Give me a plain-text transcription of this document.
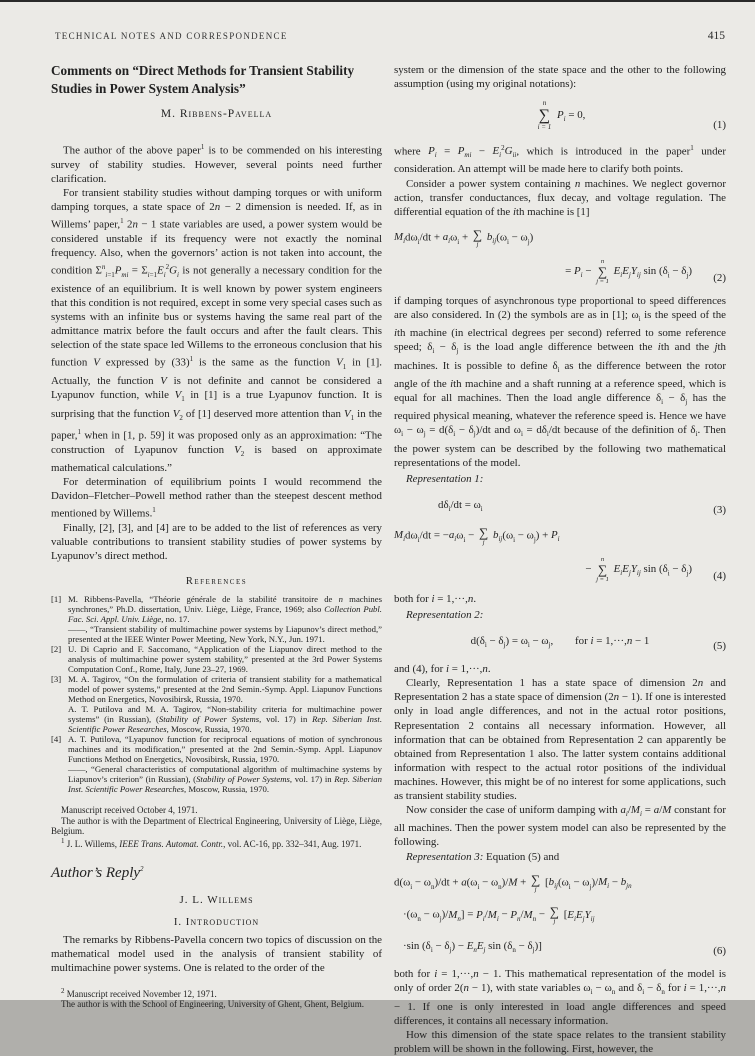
TECHNICAL NOTES AND CORRESPONDENCE	415
Comments on “Direct Methods for Transient Stability Studies in Power System Analysis”
M. Ribbens-Pavella

The author of the above paper$^1$ is to be commended on his interesting survey of stability studies. However, several points need further clarification.

For transient stability studies without damping torques or with uniform damping torques, a state space of 2n − 2 dimension is needed. If, as in Willems’ paper,$^1$ 2n − 1 state variables are used, a power system would be considered unstable if its frequency were not exactly the nominal frequency. Also, when the governors’ action is not taken into account, the condition $\Sigma^n_{i=1}P_{mi} = \Sigma_{i=1}E_i^2G_i$ is not generally a necessary condition for the existence of an equilibrium. It is well known by power system engineers that this condition is not required, except in some very special cases such as systems with an infinite bus or systems having the same real part of the admittance matrix before the fault occurs and after the fault clears. This selection of the state space led Willems to the erroneous conclusion that his function V expressed by $(33)^1$ is the same as the function $V_1$ in [1]. Actually, the function V is not definite and cannot be considered a Lyapunov function, while $V_1$ in [1] is a true Lyapunov function. It is surprising that the function $V_2$ of [1] deserved more attention than $V_1$ in the paper,$^1$ when in [1, p. 59] it was proposed only as an approximation: “The construction of Lyapunov function $V_2$ is based on approximate mathematical calculations.”

For determination of equilibrium points I would recommend the Davidon–Fletcher–Powell method rather than the steepest descent method mentioned by Willems.$^1$

Finally, [2], [3], and [4] are to be added to the list of references as very valuable contributions to transient stability studies of power systems by Lyapunov’s direct method.

References
[1] M. Ribbens-Pavella, “Théorie générale de la stabilité transitoire de n machines synchrones,” Ph.D. dissertation, Univ. Liège, Liège, France, 1969; also Collection Publ. Fac. Sci. Appl. Univ. Liège, no. 17.
——, “Transient stability of multimachine power systems by Liapunov’s direct method,” presented at the IEEE Winter Power Meeting, New York, N.Y., Jun. 1971.
[2] U. Di Caprio and F. Saccomano, “Application of the Liapunov direct method to the analysis of multimachine power system stability,” presented at the 3rd Power Systems Computation Conf., Rome, Italy, June 23–27, 1969.
[3] M. A. Tagirov, “On the formulation of criteria of transient stability for a mathematical model of power systems,” presented at the 2nd Semin.-Symp. Appl. Liapunov Functions Method on Energetics, Novosibirsk, Russia, 1970.
A. T. Putilova and M. A. Tagirov, “Non-stability criteria for multimachine power systems” (in Russian), (Stability of Power Systems, vol. 17) in Rep. Siberian Inst. Scientific Power Researches, Moscow, Russia, 1970.
[4] A. T. Putilova, “Lyapunov function for reciprocal equations of motion of synchronous machines and its modification,” presented at the 2nd Semin.-Symp. Appl. Liapunov Functions Method on Energetics, Novosibirsk, Russia, 1970.
——, “General characteristics of computational algorithm of multimachine systems by Liapunov’s criterion” (in Russian), (Stability of Power Systems, vol. 17) in Rep. Siberian Inst. Scientific Power Researches, Moscow, Russia, 1970.

Manuscript received October 4, 1971.

The author is with the Department of Electrical Engineering, University of Liège, Liège, Belgium.

$^1$ J. L. Willems, IEEE Trans. Automat. Contr., vol. AC-16, pp. 332–341, Aug. 1971.

Author’s Reply$^2$
J. L. Willems
I. Introduction

The remarks by Ribbens-Pavella concern two topics of discussion on the mathematical model used in the analysis of transient stability of multimachine power systems. One is related to the order of the

$^2$ Manuscript received November 12, 1971.

The author is with the School of Engineering, University of Ghent, Ghent, Belgium.

system or the dimension of the state space and the other to the following assumption (using my original notations):

n
∑
i = 1
$P_i = 0$,
(1)

where $P_i = P_{mi} - E_i^2G_{ii}$, which is introduced in the paper$^1$ under consideration. An attempt will be made here to clarify both points.

Consider a power system containing n machines. We neglect governor action, transfer conductances, flux decay, and voltage regulation. The differential equation of the ith machine is [1]

$M_id\omega_i/dt + a_i\omega_i$ + ∑
j
$b_{ij}(\omega_i - \omega_j)$
= $P_i$ −
n
∑
j = 1
$E_iE_jY_{ij}$ $\sin (\delta_i - \delta_j)$
(2)

if damping torques of asynchronous type proportional to speed differences are also considered. In (2) the symbols are as in [1]; $\omega_i$ is the speed of the ith machine (in electrical degrees per second) referred to some reference speed; $\delta_i - \delta_j$ is the load angle difference between the ith and the jth machines. It is possible to define $\delta_i$ as the difference between the rotor angle of the ith machine and a shaft running at a reference speed, which is equal for all machines. Then the load angle difference $\delta_i - \delta_j$ has the required physical meaning, whatever the reference speed is. Hence we have $\omega_i - \omega_j = d(\delta_i - \delta_j)/dt$ and $\omega_i = d\delta_i/dt$ because of the definition of $\delta_i$. Then the power system can be described by the following two mathematical representations of the model.

Representation 1:

$d\delta_i/dt = \omega_i$	(3)
$M_id\omega_i/dt = -a_i\omega_i$ − ∑
j
$b_{ij}(\omega_i - \omega_j) + P_i$
−
n
∑
j = 1
$E_iE_jY_{ij}$ $\sin (\delta_i - \delta_j)$
(4)

both for i = 1,···,n.

Representation 2:

$d(\delta_i - \delta_j) = \omega_i - \omega_j$,  for i = 1,···,n − 1	(5)

and (4), for i = 1,···,n.

Clearly, Representation 1 has a state space of dimension 2n and Representation 2 has a state space of dimension (2n − 1). If one is interested only in load angle differences, and not in the actual rotor positions, Representation 2 contains all necessary information. However, all information that can be obtained from Representation 2 can apparently be obtained from Representation 1 also. The latter system contains additional information with respect to the actual rotor positions of the individual machines. However, this might be of no interest for some applications, such as transient stability studies.

Now consider the case of uniform damping with $a_i/M_i = a/M$ constant for all machines. Then the power system model can also be represented by the following.

Representation 3: Equation (5) and

$d(\omega_i - \omega_n)/dt + a(\omega_i - \omega_n)/M$ + ∑
j
[$b_{ij}(\omega_i - \omega_j)/M_i - b_{jn}$
$\cdot(\omega_n - \omega_j)/M_n] = P_i/M_i - P_n/M_n$ − ∑
j
[$E_iE_jY_{ij}$
·sin $(\delta_i - \delta_j) - E_nE_j$ $\sin (\delta_n - \delta_j)$]	(6)

both for i = 1,···,n − 1. This mathematical representation of the model is only of order 2(n − 1), with state variables $\omega_i - \omega_n$ and $\delta_i - \delta_n$ for i = 1,···,n − 1. If one is only interested in load angle differences and speed differences, it contains all necessary information.

How this dimension of the state space relates to the transient stability problem will be shown in the following. First, however, the
